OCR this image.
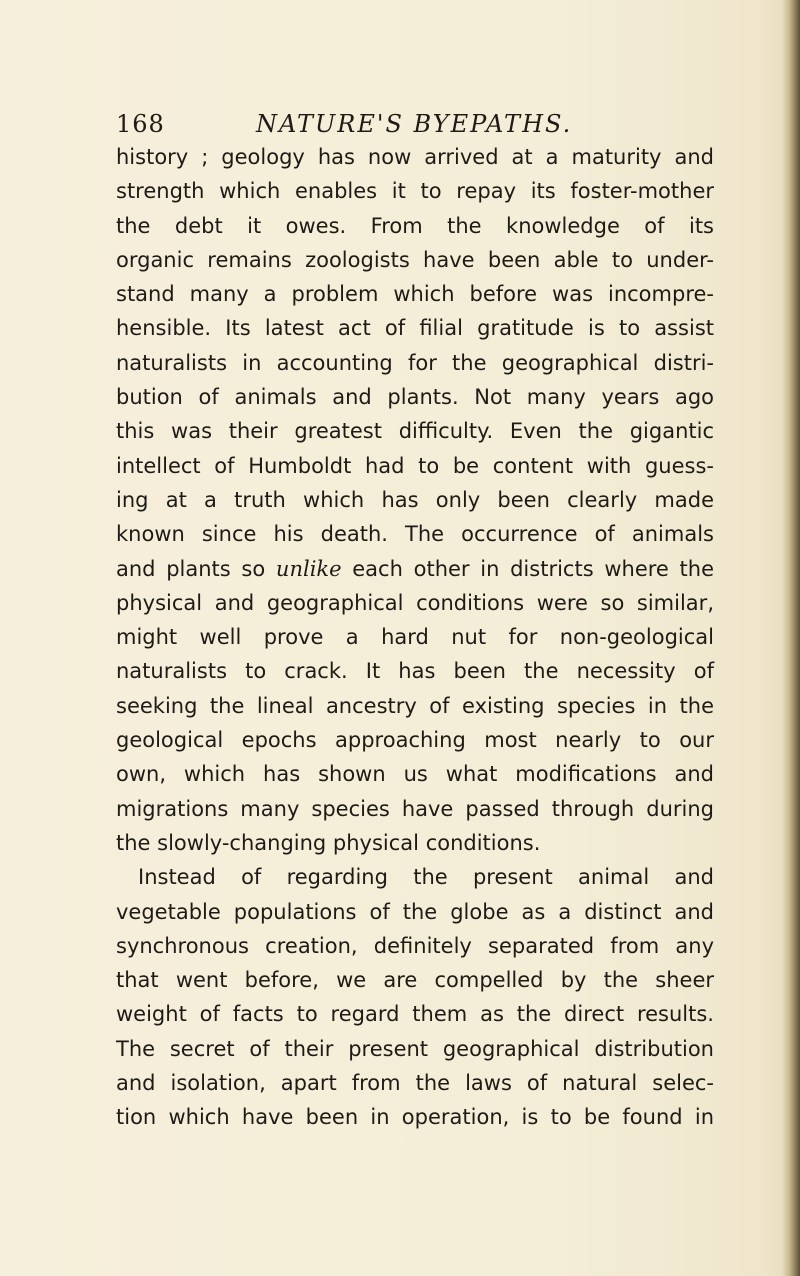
168	NATURE'S BYEPATHS.
history ; geology has now arrived at a maturity and
strength which enables it to repay its foster-mother
the debt it owes. From the knowledge of its
organic remains zoologists have been able to under-
stand many a problem which before was incompre-
hensible. Its latest act of filial gratitude is to assist
naturalists in accounting for the geographical distri-
bution of animals and plants. Not many years ago
this was their greatest difficulty. Even the gigantic
intellect of Humboldt had to be content with guess-
ing at a truth which has only been clearly made
known since his death. The occurrence of animals
and plants so unlike each other in districts where the
physical and geographical conditions were so similar,
might well prove a hard nut for non-geological
naturalists to crack. It has been the necessity of
seeking the lineal ancestry of existing species in the
geological epochs approaching most nearly to our
own, which has shown us what modifications and
migrations many species have passed through during
the slowly-changing physical conditions.
Instead of regarding the present animal and
vegetable populations of the globe as a distinct and
synchronous creation, definitely separated from any
that went before, we are compelled by the sheer
weight of facts to regard them as the direct results.
The secret of their present geographical distribution
and isolation, apart from the laws of natural selec-
tion which have been in operation, is to be found in
